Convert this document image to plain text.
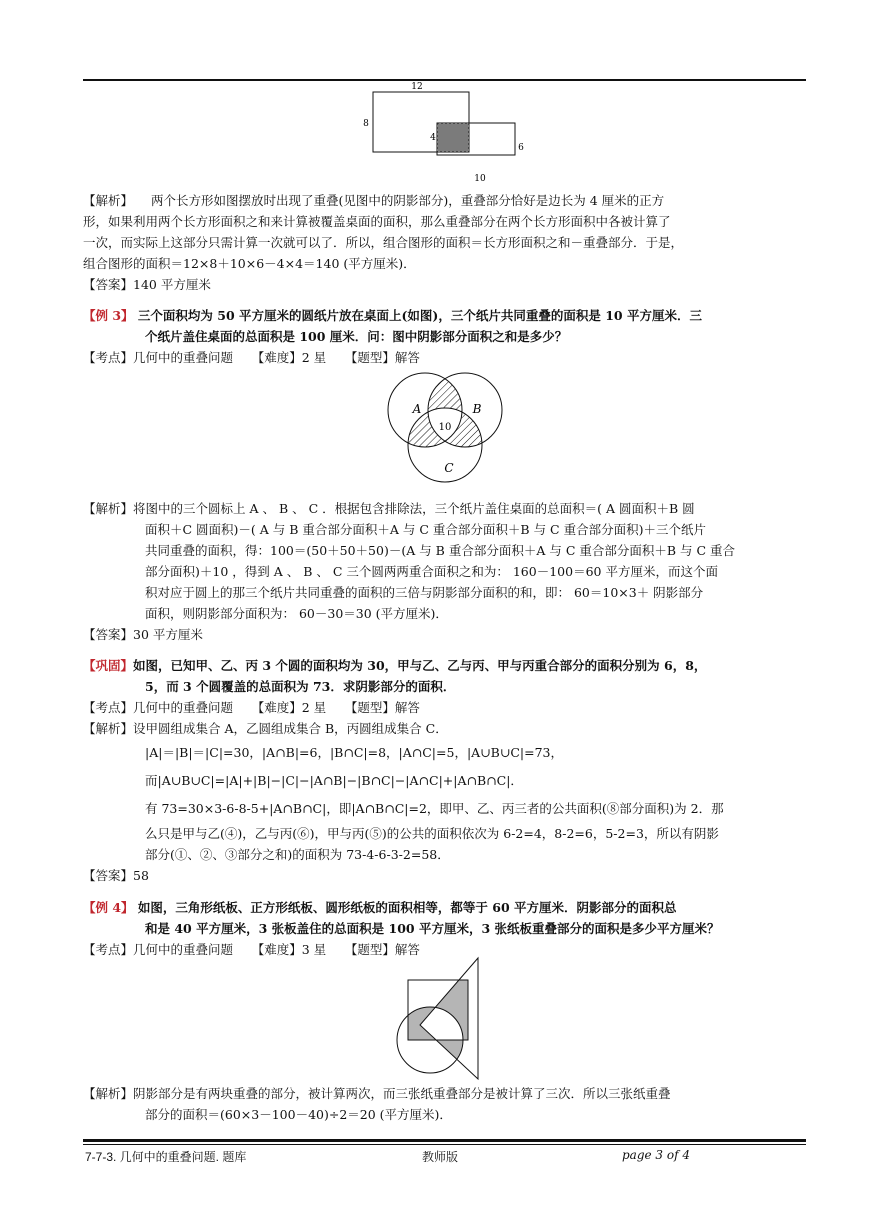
12
8
4
6
10
【解析】 两个长方形如图摆放时出现了重叠(见图中的阴影部分)，重叠部分恰好是边长为 4 厘米的正方
形，如果利用两个长方形面积之和来计算被覆盖桌面的面积，那么重叠部分在两个长方形面积中各被计算了
一次，而实际上这部分只需计算一次就可以了．所以，组合图形的面积＝长方形面积之和－重叠部分．于是，
组合图形的面积＝12×8＋10×6－4×4＝140 (平方厘米)．
【答案】140 平方厘米
【例 3】 三个面积均为 50 平方厘米的圆纸片放在桌面上(如图)，三个纸片共同重叠的面积是 10 平方厘米．三
个纸片盖住桌面的总面积是 100 厘米．问：图中阴影部分面积之和是多少？
【考点】几何中的重叠问题　　【难度】2 星　　【题型】解答
A	B
C
10
【解析】将图中的三个圆标上 A 、 B 、 C ．根据包含排除法，三个纸片盖住桌面的总面积＝( A 圆面积＋B 圆
面积＋C 圆面积)－( A 与 B 重合部分面积＋A 与 C 重合部分面积＋B 与 C 重合部分面积)＋三个纸片
共同重叠的面积，得：100＝(50＋50＋50)－(A 与 B 重合部分面积＋A 与 C 重合部分面积＋B 与 C 重合
部分面积)＋10 ，得到 A 、 B 、 C 三个圆两两重合面积之和为： 160－100＝60 平方厘米，而这个面
积对应于圆上的那三个纸片共同重叠的面积的三倍与阴影部分面积的和，即： 60＝10×3＋ 阴影部分
面积，则阴影部分面积为： 60－30＝30 (平方厘米)．
【答案】30 平方厘米
【巩固】如图，已知甲、乙、丙 3 个圆的面积均为 30，甲与乙、乙与丙、甲与丙重合部分的面积分别为 6，8，
5，而 3 个圆覆盖的总面积为 73．求阴影部分的面积．
【考点】几何中的重叠问题　　【难度】2 星　　【题型】解答
【解析】设甲圆组成集合 A，乙圆组成集合 B，丙圆组成集合 C．
|A|＝|B|＝|C|=30，|A∩B|=6，|B∩C|=8，|A∩C|=5，|A∪B∪C|=73，
而|A∪B∪C|=|A|+|B|−|C|−|A∩B|−|B∩C|−|A∩C|+|A∩B∩C|．
有 73=30×3-6-8-5+|A∩B∩C|，即|A∩B∩C|=2，即甲、乙、丙三者的公共面积(⑧部分面积)为 2．那
么只是甲与乙(④)，乙与丙(⑥)，甲与丙(⑤)的公共的面积依次为 6-2=4，8-2=6，5-2=3，所以有阴影
部分(①、②、③部分之和)的面积为 73-4-6-3-2=58．
【答案】58
【例 4】 如图，三角形纸板、正方形纸板、圆形纸板的面积相等，都等于 60 平方厘米．阴影部分的面积总
和是 40 平方厘米，3 张板盖住的总面积是 100 平方厘米，3 张纸板重叠部分的面积是多少平方厘米？
【考点】几何中的重叠问题　　【难度】3 星　　【题型】解答
【解析】阴影部分是有两块重叠的部分，被计算两次，而三张纸重叠部分是被计算了三次．所以三张纸重叠
部分的面积＝(60×3－100－40)÷2＝20 (平方厘米)．
7-7-3. 几何中的重叠问题. 题库	教师版	page 3 of 4
